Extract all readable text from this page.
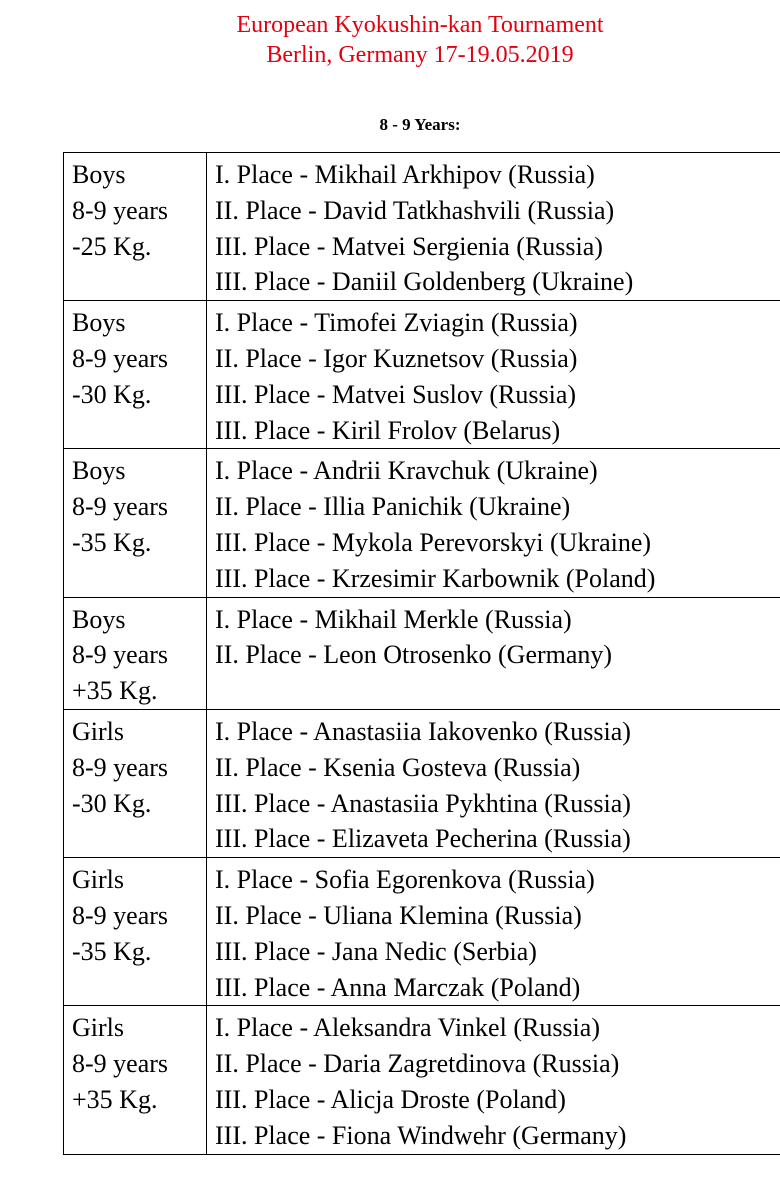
European Kyokushin-kan Tournament
Berlin, Germany 17-19.05.2019
8 - 9 Years:
Boys
8-9 years
-25 Kg.	I. Place - Mikhail Arkhipov (Russia)
II. Place - David Tatkhashvili (Russia)
III. Place - Matvei Sergienia (Russia)
III. Place - Daniil Goldenberg (Ukraine)

Boys
8-9 years
-30 Kg.	I. Place - Timofei Zviagin (Russia)
II. Place - Igor Kuznetsov (Russia)
III. Place - Matvei Suslov (Russia)
III. Place - Kiril Frolov (Belarus)

Boys
8-9 years
-35 Kg.	I. Place - Andrii Kravchuk (Ukraine)
II. Place - Illia Panichik (Ukraine)
III. Place - Mykola Perevorskyi (Ukraine)
III. Place - Krzesimir Karbownik (Poland)

Boys
8-9 years
+35 Kg.	I. Place - Mikhail Merkle (Russia)
II. Place - Leon Otrosenko (Germany)

Girls
8-9 years
-30 Kg.	I. Place - Anastasiia Iakovenko (Russia)
II. Place - Ksenia Gosteva (Russia)
III. Place - Anastasiia Pykhtina (Russia)
III. Place - Elizaveta Pecherina (Russia)

Girls
8-9 years
-35 Kg.	I. Place - Sofia Egorenkova (Russia)
II. Place - Uliana Klemina (Russia)
III. Place - Jana Nedic (Serbia)
III. Place - Anna Marczak (Poland)

Girls
8-9 years
+35 Kg.	I. Place - Aleksandra Vinkel (Russia)
II. Place - Daria Zagretdinova (Russia)
III. Place - Alicja Droste (Poland)
III. Place - Fiona Windwehr (Germany)
